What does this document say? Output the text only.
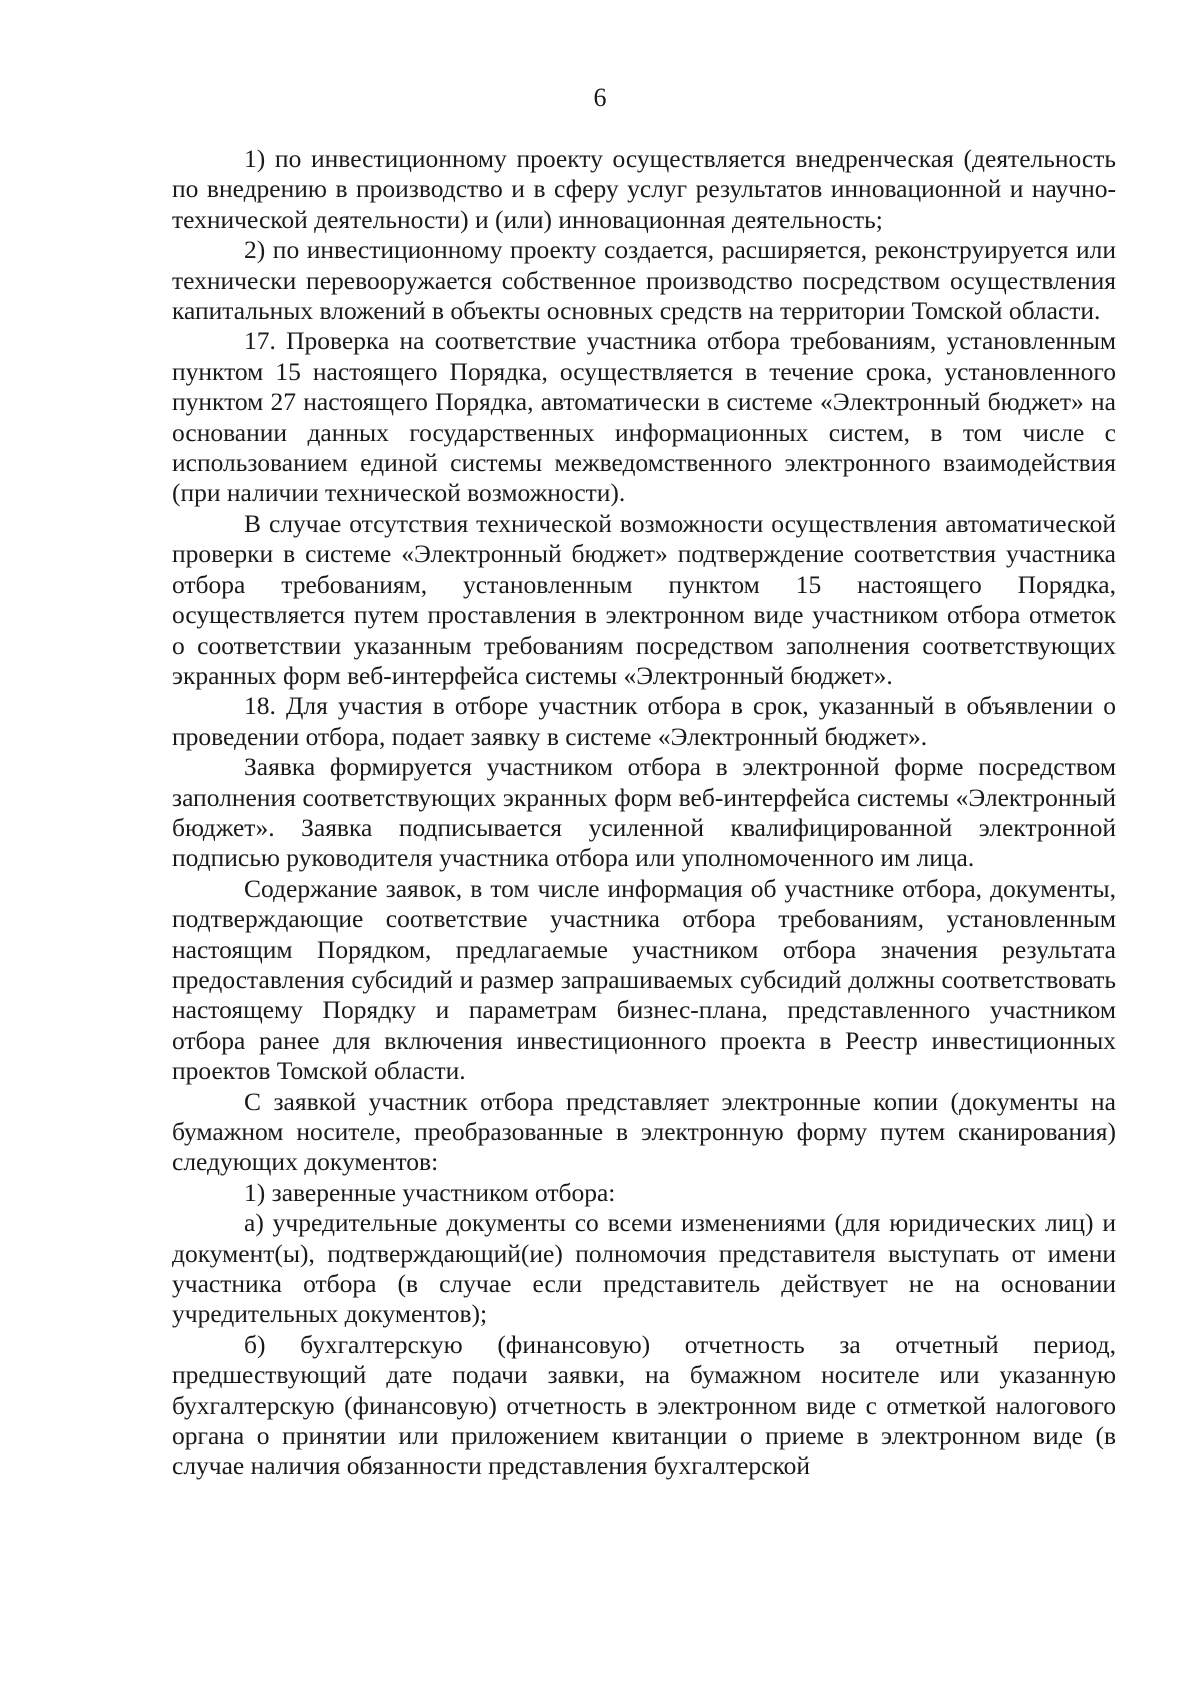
6

1) по инвестиционному проекту осуществляется внедренческая (деятельность по внедрению в производство и в сферу услуг результатов инновационной и научно-технической деятельности) и (или) инновационная деятельность;

2) по инвестиционному проекту создается, расширяется, реконструируется или технически перевооружается собственное производство посредством осуществления капитальных вложений в объекты основных средств на территории Томской области.

17. Проверка на соответствие участника отбора требованиям, установленным пунктом 15 настоящего Порядка, осуществляется в течение срока, установленного пунктом 27 настоящего Порядка, автоматически в системе «Электронный бюджет» на основании данных государственных информационных систем, в том числе с использованием единой системы межведомственного электронного взаимодействия (при наличии технической возможности).

В случае отсутствия технической возможности осуществления автоматической проверки в системе «Электронный бюджет» подтверждение соответствия участника отбора требованиям, установленным пунктом 15 настоящего Порядка, осуществляется путем проставления в электронном виде участником отбора отметок о соответствии указанным требованиям посредством заполнения соответствующих экранных форм веб-интерфейса системы «Электронный бюджет».

18. Для участия в отборе участник отбора в срок, указанный в объявлении о проведении отбора, подает заявку в системе «Электронный бюджет».

Заявка формируется участником отбора в электронной форме посредством заполнения соответствующих экранных форм веб-интерфейса системы «Электронный бюджет». Заявка подписывается усиленной квалифицированной электронной подписью руководителя участника отбора или уполномоченного им лица.

Содержание заявок, в том числе информация об участнике отбора, документы, подтверждающие соответствие участника отбора требованиям, установленным настоящим Порядком, предлагаемые участником отбора значения результата предоставления субсидий и размер запрашиваемых субсидий должны соответствовать настоящему Порядку и параметрам бизнес-плана, представленного участником отбора ранее для включения инвестиционного проекта в Реестр инвестиционных проектов Томской области.

С заявкой участник отбора представляет электронные копии (документы на бумажном носителе, преобразованные в электронную форму путем сканирования) следующих документов:

1) заверенные участником отбора:

а) учредительные документы со всеми изменениями (для юридических лиц) и документ(ы), подтверждающий(ие) полномочия представителя выступать от имени участника отбора (в случае если представитель действует не на основании учредительных документов);

б) бухгалтерскую (финансовую) отчетность за отчетный период, предшествующий дате подачи заявки, на бумажном носителе или указанную бухгалтерскую (финансовую) отчетность в электронном виде с отметкой налогового органа о принятии или приложением квитанции о приеме в электронном виде (в случае наличия обязанности представления бухгалтерской
